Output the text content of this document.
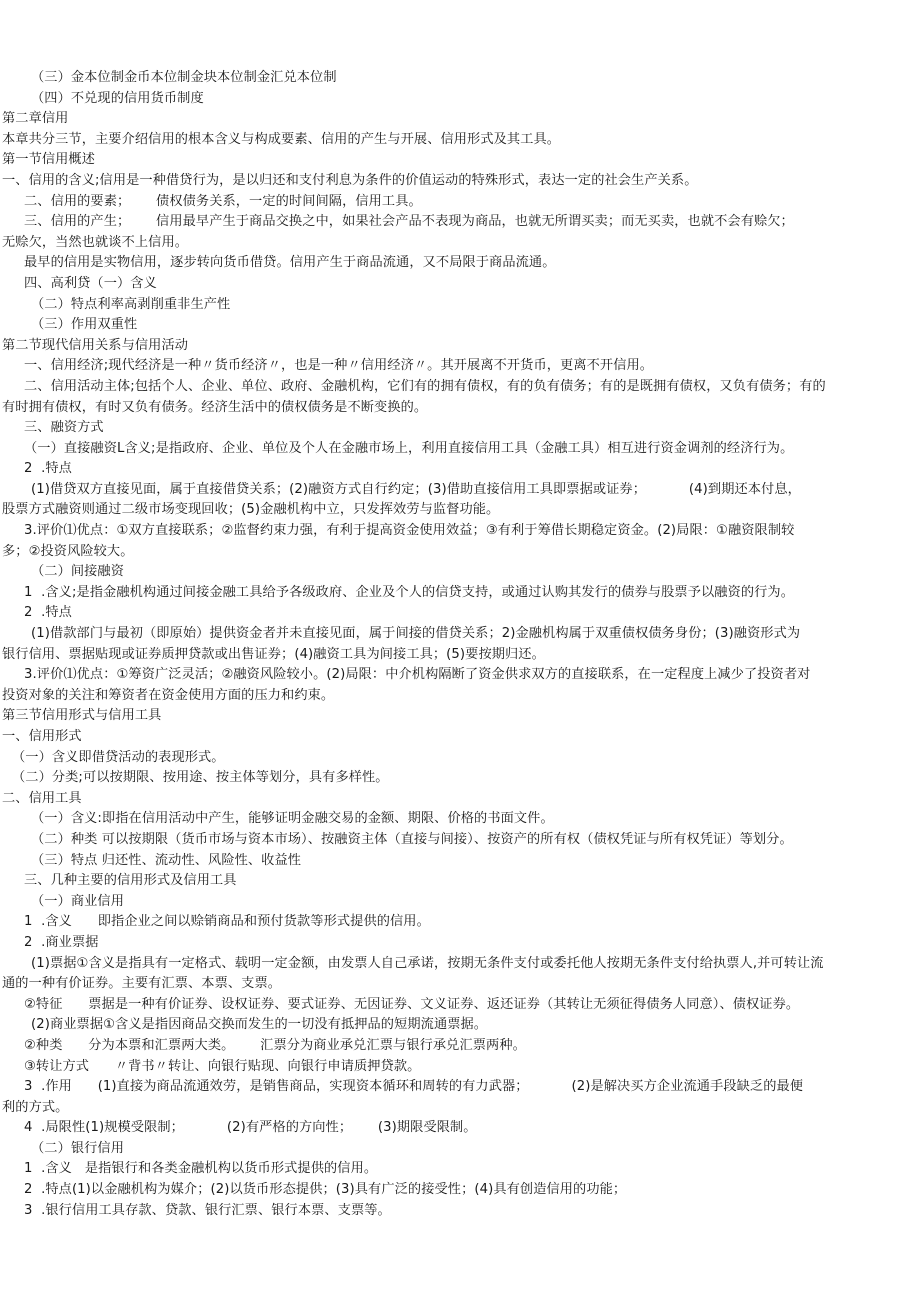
（三）金本位制金币本位制金块本位制金汇兑本位制
（四）不兑现的信用货币制度
第二章信用
本章共分三节，主要介绍信用的根本含义与构成要素、信用的产生与开展、信用形式及其工具。
第一节信用概述
一、信用的含义;信用是一种借贷行为，是以归还和支付利息为条件的价值运动的特殊形式，表达一定的社会生产关系。
二、信用的要素；      债权债务关系，一定的时间间隔，信用工具。
三、信用的产生；      信用最早产生于商品交换之中，如果社会产品不表现为商品，也就无所谓买卖；而无买卖，也就不会有赊欠；
无赊欠，当然也就谈不上信用。
最早的信用是实物信用，逐步转向货币借贷。信用产生于商品流通，又不局限于商品流通。
四、高利贷（一）含义
（二）特点利率高剥削重非生产性
（三）作用双重性
第二节现代信用关系与信用活动
一、信用经济;现代经济是一种〃货币经济〃，也是一种〃信用经济〃。其开展离不开货币，更离不开信用。
二、信用活动主体;包括个人、企业、单位、政府、金融机构，它们有的拥有债权，有的负有债务；有的是既拥有债权，又负有债务；有的
有时拥有债权，有时又负有债务。经济生活中的债权债务是不断变换的。
三、融资方式
（一）直接融资L含义;是指政府、企业、单位及个人在金融市场上，利用直接信用工具（金融工具）相互进行资金调剂的经济行为。
2  .特点
(1)借贷双方直接见面，属于直接借贷关系；(2)融资方式自行约定；(3)借助直接信用工具即票据或证券；          (4)到期还本付息，
股票方式融资则通过二级市场变现回收；(5)金融机构中立，只发挥效劳与监督功能。
3.评价⑴优点：①双方直接联系；②监督约束力强，有利于提高资金使用效益；③有利于筹借长期稳定资金。(2)局限：①融资限制较
多；②投资风险较大。
（二）间接融资
1  .含义;是指金融机构通过间接金融工具给予各级政府、企业及个人的信贷支持，或通过认购其发行的债券与股票予以融资的行为。
2  .特点
(1)借款部门与最初（即原始）提供资金者并未直接见面，属于间接的借贷关系；2)金融机构属于双重债权债务身份；(3)融资形式为
银行信用、票据贴现或证券质押贷款或出售证券；(4)融资工具为间接工具；(5)要按期归还。
3.评价⑴优点：①筹资广泛灵活；②融资风险较小。(2)局限：中介机构隔断了资金供求双方的直接联系，在一定程度上减少了投资者对
投资对象的关注和筹资者在资金使用方面的压力和约束。
第三节信用形式与信用工具
一、信用形式
（一）含义即借贷活动的表现形式。
（二）分类;可以按期限、按用途、按主体等划分，具有多样性。
二、信用工具
（一）含义:即指在信用活动中产生，能够证明金融交易的金额、期限、价格的书面文件。
（二）种类 可以按期限（货币市场与资本市场）、按融资主体（直接与间接）、按资产的所有权（债权凭证与所有权凭证）等划分。
（三）特点 归还性、流动性、风险性、收益性
三、几种主要的信用形式及信用工具
（一）商业信用
1  .含义      即指企业之间以赊销商品和预付货款等形式提供的信用。
2  .商业票据
(1)票据①含义是指具有一定格式、载明一定金额，由发票人自己承诺，按期无条件支付或委托他人按期无条件支付给执票人,并可转让流
通的一种有价证券。主要有汇票、本票、支票。
②特征      票据是一种有价证券、设权证券、要式证券、无因证券、文义证券、返还证券（其转让无须征得债务人同意）、债权证券。
(2)商业票据①含义是指因商品交换而发生的一切没有抵押品的短期流通票据。
②种类      分为本票和汇票两大类。      汇票分为商业承兑汇票与银行承兑汇票两种。
③转让方式      〃背书〃转让、向银行贴现、向银行申请质押贷款。
3  .作用      (1)直接为商品流通效劳，是销售商品，实现资本循环和周转的有力武器；          (2)是解决买方企业流通手段缺乏的最便
利的方式。
4  .局限性(1)规模受限制；          (2)有严格的方向性；      (3)期限受限制。
（二）银行信用
1  .含义   是指银行和各类金融机构以货币形式提供的信用。
2  .特点(1)以金融机构为媒介；(2)以货币形态提供；(3)具有广泛的接受性；(4)具有创造信用的功能；
3  .银行信用工具存款、贷款、银行汇票、银行本票、支票等。
